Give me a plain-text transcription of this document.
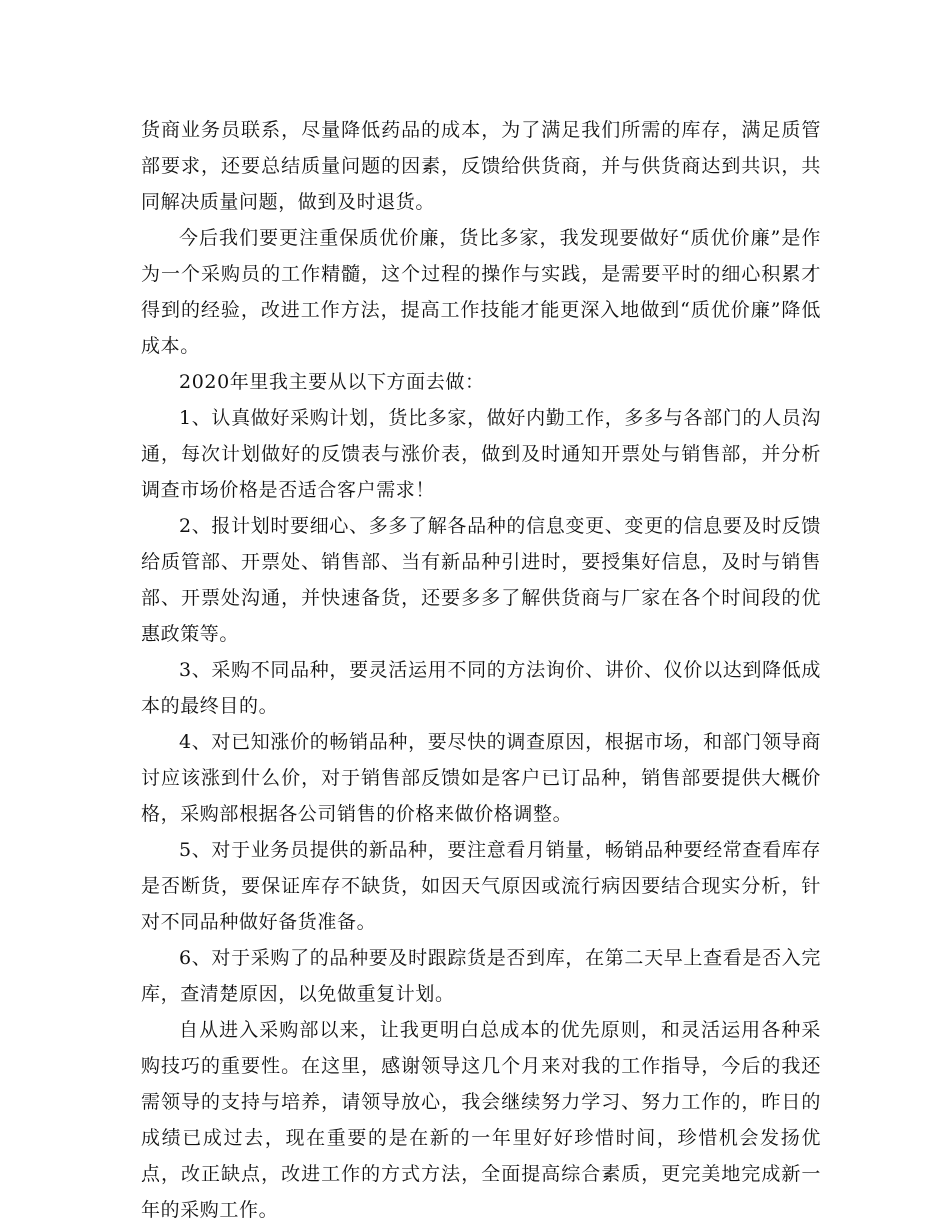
货商业务员联系，尽量降低药品的成本，为了满足我们所需的库存，满足质管部要求，还要总结质量问题的因素，反馈给供货商，并与供货商达到共识，共同解决质量问题，做到及时退货。

今后我们要更注重保质优价廉，货比多家，我发现要做好“质优价廉”是作为一个采购员的工作精髓，这个过程的操作与实践，是需要平时的细心积累才得到的经验，改进工作方法，提高工作技能才能更深入地做到“质优价廉”降低成本。

2020年里我主要从以下方面去做：

1、认真做好采购计划，货比多家，做好内勤工作，多多与各部门的人员沟通，每次计划做好的反馈表与涨价表，做到及时通知开票处与销售部，并分析调查市场价格是否适合客户需求！

2、报计划时要细心、多多了解各品种的信息变更、变更的信息要及时反馈给质管部、开票处、销售部、当有新品种引进时，要授集好信息，及时与销售部、开票处沟通，并快速备货，还要多多了解供货商与厂家在各个时间段的优惠政策等。

3、采购不同品种，要灵活运用不同的方法询价、讲价、仪价以达到降低成本的最终目的。

4、对已知涨价的畅销品种，要尽快的调查原因，根据市场，和部门领导商讨应该涨到什么价，对于销售部反馈如是客户已订品种，销售部要提供大概价格，采购部根据各公司销售的价格来做价格调整。

5、对于业务员提供的新品种，要注意看月销量，畅销品种要经常查看库存是否断货，要保证库存不缺货，如因天气原因或流行病因要结合现实分析，针对不同品种做好备货准备。

6、对于采购了的品种要及时跟踪货是否到库，在第二天早上查看是否入完库，查清楚原因，以免做重复计划。

自从进入采购部以来，让我更明白总成本的优先原则，和灵活运用各种采购技巧的重要性。在这里，感谢领导这几个月来对我的工作指导，今后的我还需领导的支持与培养，请领导放心，我会继续努力学习、努力工作的，昨日的成绩已成过去，现在重要的是在新的一年里好好珍惜时间，珍惜机会发扬优点，改正缺点，改进工作的方式方法，全面提高综合素质，更完美地完成新一年的采购工作。
